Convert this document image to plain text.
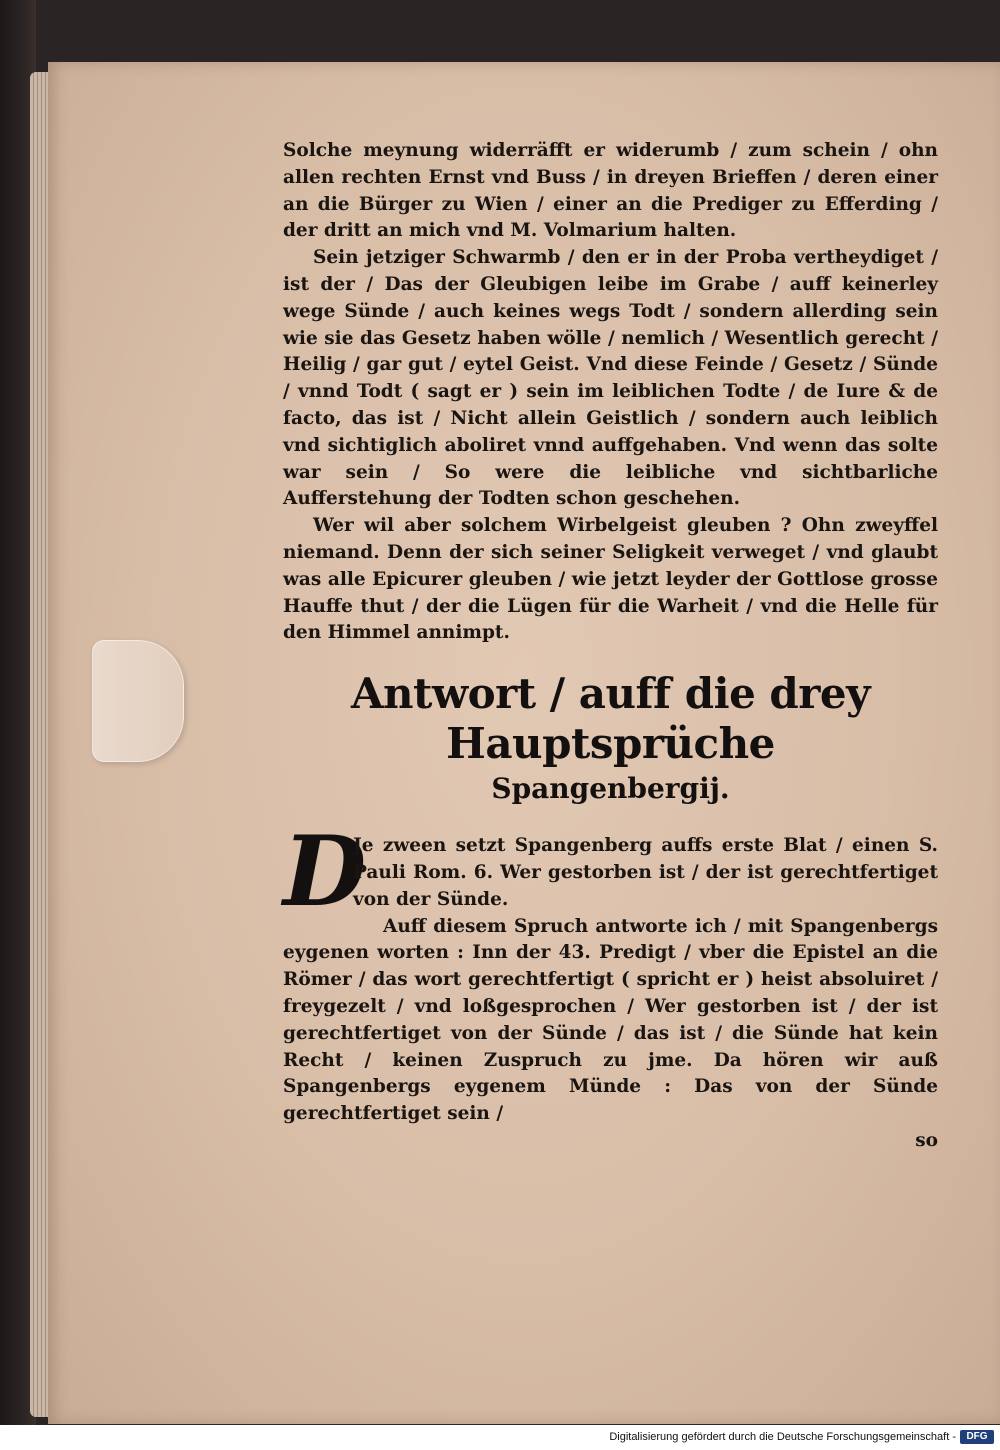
Solche meynung widerräfft er widerumb / zum schein / ohn allen rechten Ernst vnd Buss / in dreyen Brieffen / deren einer an die Bürger zu Wien / einer an die Prediger zu Efferding / der dritt an mich vnd M. Volmarium halten.

Sein jetziger Schwarmb / den er in der Proba vertheydiget / ist der / Das der Gleubigen leibe im Grabe / auff keinerley wege Sünde / auch keines wegs Todt / sondern allerding sein wie sie das Gesetz haben wölle / nemlich / Wesentlich gerecht / Heilig / gar gut / eytel Geist. Vnd diese Feinde / Gesetz / Sünde / vnnd Todt ( sagt er ) sein im leiblichen Todte / de Iure & de facto, das ist / Nicht allein Geistlich / sondern auch leiblich vnd sichtiglich aboliret vnnd auffgehaben. Vnd wenn das solte war sein / So were die leibliche vnd sichtbarliche Aufferstehung der Todten schon geschehen.

Wer wil aber solchem Wirbelgeist gleuben ? Ohn zweyffel niemand. Denn der sich seiner Seligkeit verweget / vnd glaubt was alle Epicurer gleuben / wie jetzt leyder der Gottlose grosse Hauffe thut / der die Lügen für die Warheit / vnd die Helle für den Himmel annimpt.

Antwort / auff die drey Hauptsprüche
Spangenbergij.
D

Je zween setzt Spangenberg auffs erste Blat / einen S. Pauli Rom. 6. Wer gestorben ist / der ist gerechtfertiget von der Sünde.

Auff diesem Spruch antworte ich / mit Spangenbergs eygenen worten : Inn der 43. Predigt / vber die Epistel an die Römer / das wort gerechtfertigt ( spricht er ) heist absoluiret / freygezelt / vnd loßgesprochen / Wer gestorben ist / der ist gerechtfertiget von der Sünde / das ist / die Sünde hat kein Recht / keinen Zuspruch zu jme. Da hören wir auß Spangenbergs eygenem Münde : Das von der Sünde gerechtfertiget sein /

so

Digitalisierung gefördert durch die Deutsche Forschungsgemeinschaft -	DFG
